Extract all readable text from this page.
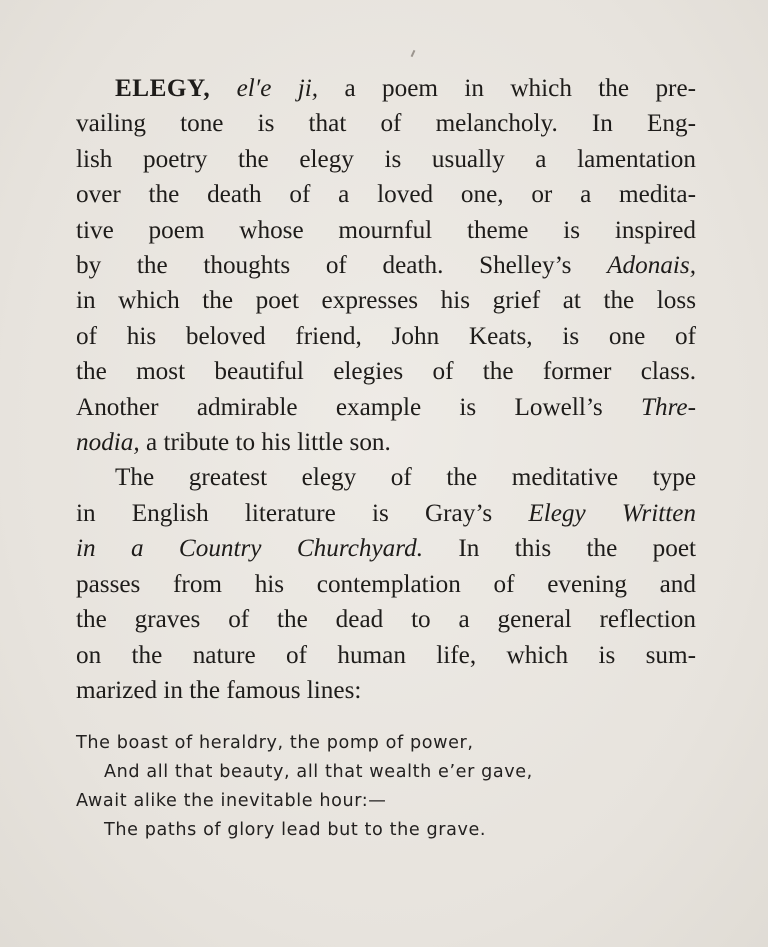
ELEGY, el′e ji, a poem in which the pre-
vailing tone is that of melancholy. In Eng-
lish poetry the elegy is usually a lamentation
over the death of a loved one, or a medita-
tive poem whose mournful theme is inspired
by the thoughts of death. Shelley’s Adonais,
in which the poet expresses his grief at the loss
of his beloved friend, John Keats, is one of
the most beautiful elegies of the former class.
Another admirable example is Lowell’s Thre-
nodia, a tribute to his little son.

The greatest elegy of the meditative type
in English literature is Gray’s Elegy Written
in a Country Churchyard. In this the poet
passes from his contemplation of evening and
the graves of the dead to a general reflection
on the nature of human life, which is sum-
marized in the famous lines:

The boast of heraldry, the pomp of power,
And all that beauty, all that wealth e’er gave,
Await alike the inevitable hour:—
The paths of glory lead but to the grave.
